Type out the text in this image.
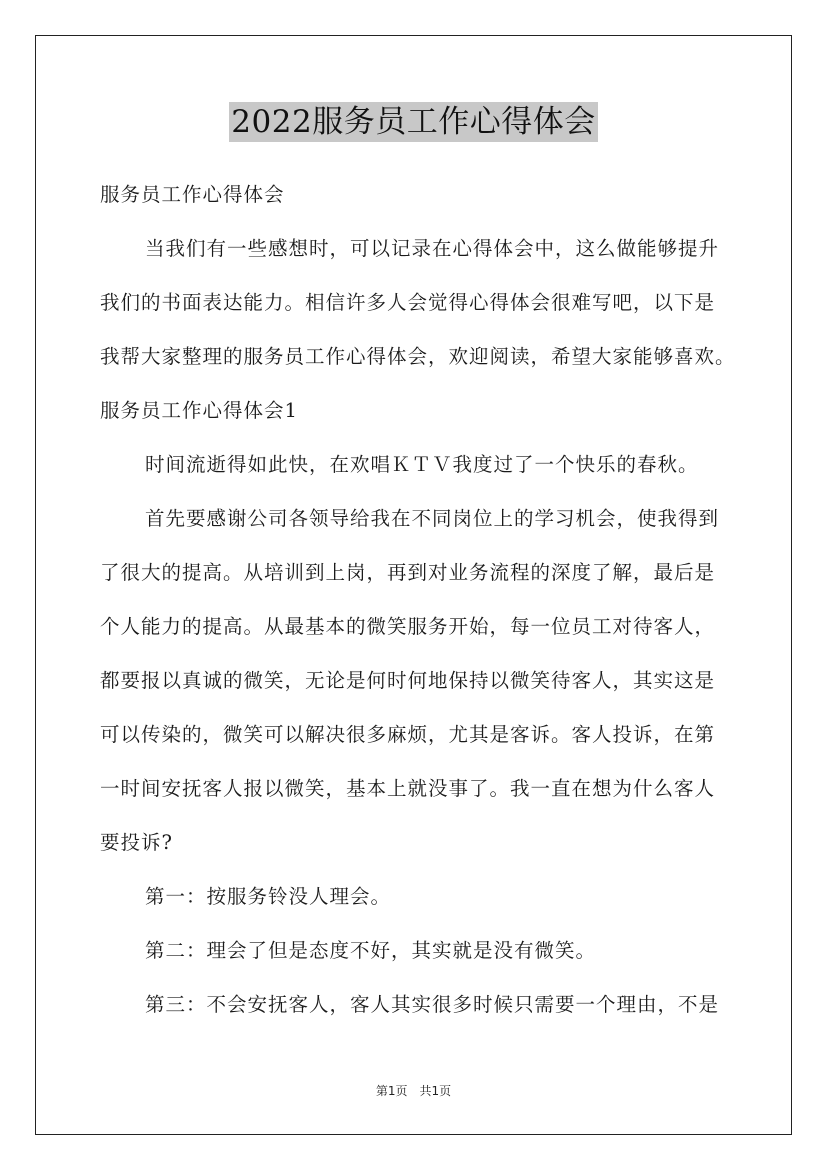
2022服务员工作心得体会
服务员工作心得体会
当我们有一些感想时，可以记录在心得体会中，这么做能够提升
我们的书面表达能力。相信许多人会觉得心得体会很难写吧，以下是
我帮大家整理的服务员工作心得体会，欢迎阅读，希望大家能够喜欢。
服务员工作心得体会1
时间流逝得如此快，在欢唱ＫＴＶ我度过了一个快乐的春秋。
首先要感谢公司各领导给我在不同岗位上的学习机会，使我得到
了很大的提高。从培训到上岗，再到对业务流程的深度了解，最后是
个人能力的提高。从最基本的微笑服务开始，每一位员工对待客人，
都要报以真诚的微笑，无论是何时何地保持以微笑待客人，其实这是
可以传染的，微笑可以解决很多麻烦，尤其是客诉。客人投诉，在第
一时间安抚客人报以微笑，基本上就没事了。我一直在想为什么客人
要投诉?
第一：按服务铃没人理会。
第二：理会了但是态度不好，其实就是没有微笑。
第三：不会安抚客人，客人其实很多时候只需要一个理由，不是
第1页　共1页
